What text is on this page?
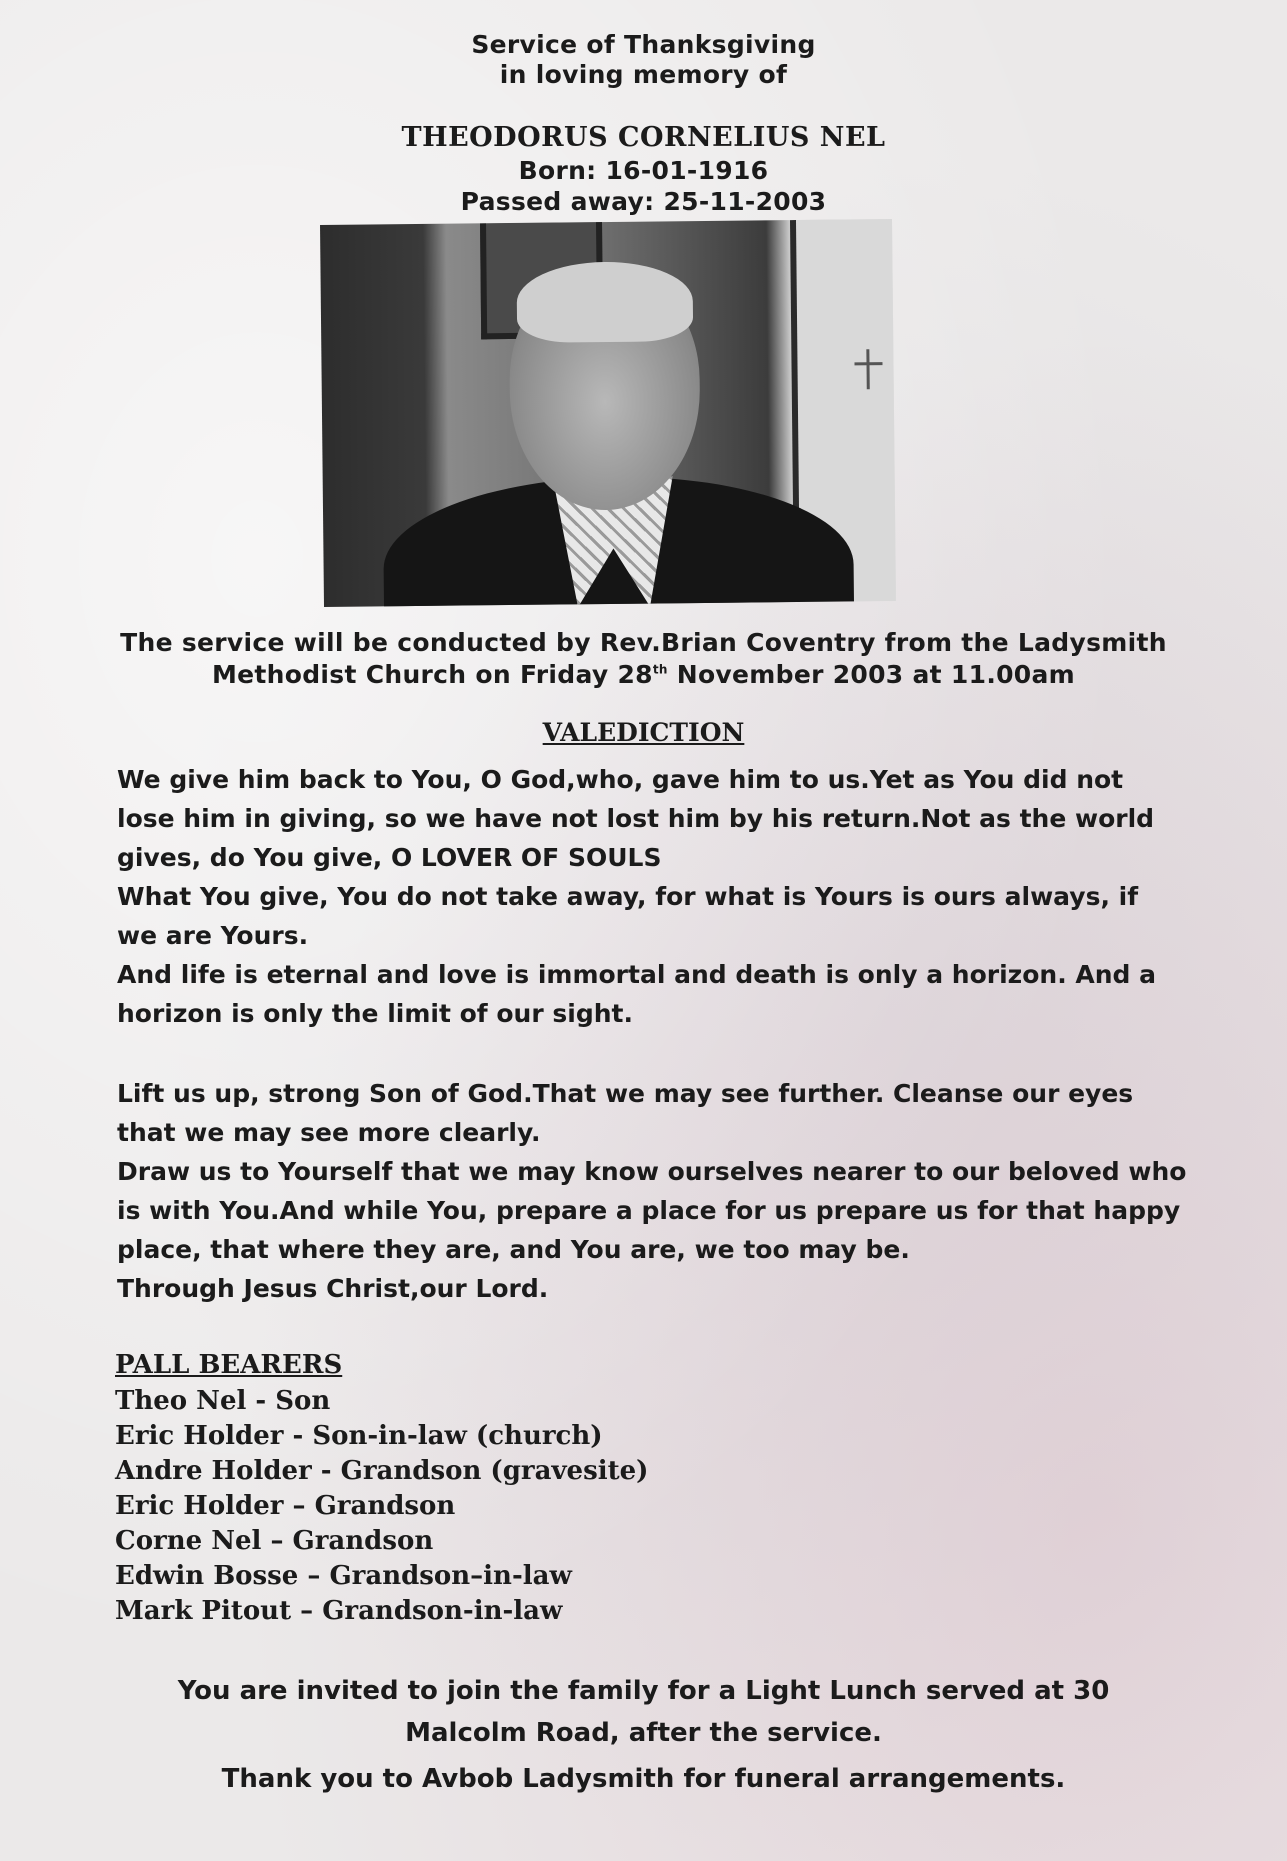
Service of Thanksgiving
in loving memory of
THEODORUS CORNELIUS NEL
Born: 16-01-1916
Passed away: 25-11-2003
The service will be conducted by Rev.Brian Coventry from the Ladysmith
Methodist Church on Friday 28th November 2003 at 11.00am
VALEDICTION
We give him back to You, O God,who, gave him to us.Yet as You did not
lose him in giving, so we have not lost him by his return.Not as the world
gives, do You give, O LOVER OF SOULS
What You give, You do not take away, for what is Yours is ours always, if
we are Yours.
And life is eternal and love is immortal and death is only a horizon. And a
horizon is only the limit of our sight.
Lift us up, strong Son of God.That we may see further. Cleanse our eyes
that we may see more clearly.
Draw us to Yourself that we may know ourselves nearer to our beloved who
is with You.And while You, prepare a place for us prepare us for that happy
place, that where they are, and You are, we too may be.
Through Jesus Christ,our Lord.
PALL BEARERS
Theo Nel - Son
Eric Holder - Son-in-law (church)
Andre Holder - Grandson (gravesite)
Eric Holder – Grandson
Corne Nel – Grandson
Edwin Bosse – Grandson–in-law
Mark Pitout – Grandson-in-law
You are invited to join the family for a Light Lunch served at 30
Malcolm Road, after the service.
Thank you to Avbob Ladysmith for funeral arrangements.
